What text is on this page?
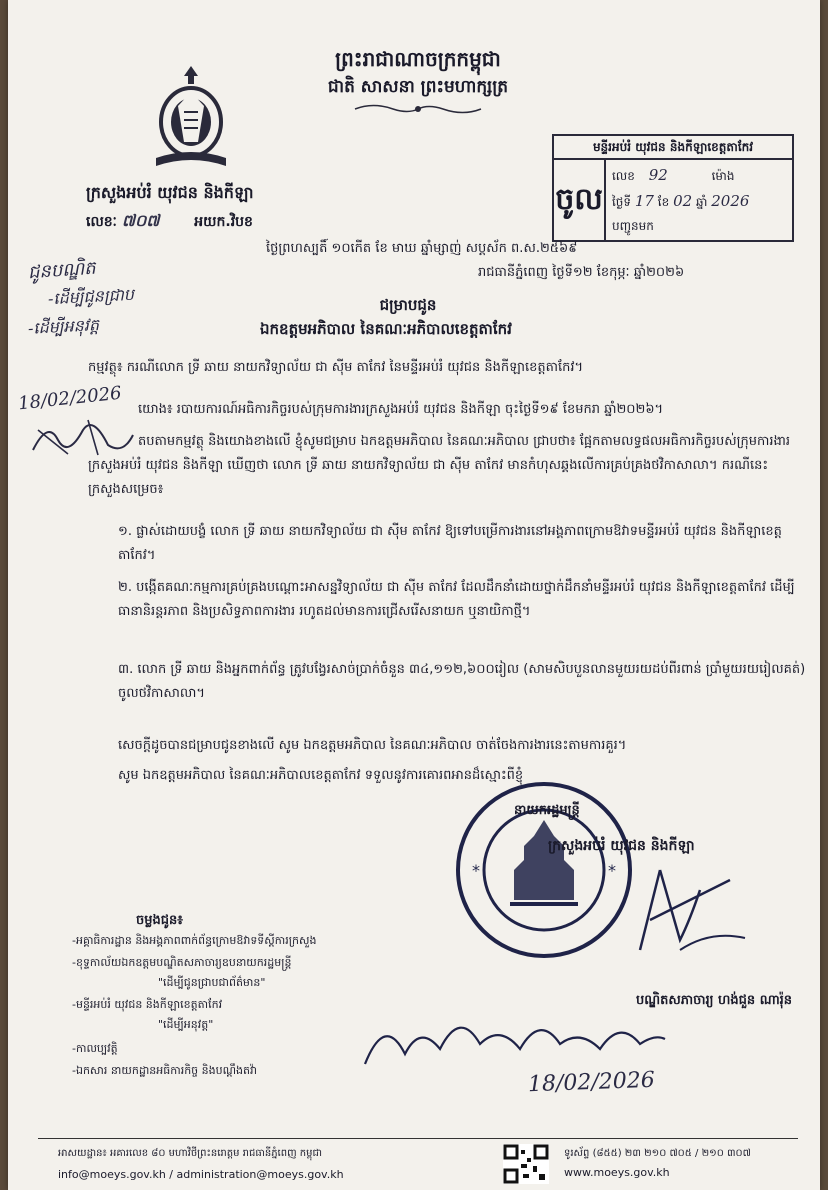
ព្រះរាជាណាចក្រកម្ពុជា
ជាតិ សាសនា ព្រះមហាក្សត្រ
ក្រសួងអប់រំ យុវជន និងកីឡា
លេខៈ ៧០៧ អយក.វិបខ
មន្ទីរអប់រំ យុវជន និងកីឡាខេត្តតាកែវ
ចូល
លេខ 92	ម៉ោង
ថ្ងៃទី 17 ខែ 02 ឆ្នាំ 2026
បញ្ជូនមក
ថ្ងៃព្រហស្បតិ៍ ១០កើត ខែ មាឃ ឆ្នាំម្សាញ់ សប្តស័ក ព.ស.២៥៦៩
រាជធានីភ្នំពេញ ថ្ងៃទី១២ ខែកុម្ភៈ ឆ្នាំ២០២៦
ជូនបណ្ឌិត
-ដើម្បីជូនជ្រាប
-ដើម្បីអនុវត្ត
18/02/2026
ជម្រាបជូន
ឯកឧត្តមអភិបាល នៃគណៈអភិបាលខេត្តតាកែវ
កម្មវត្ថុ៖ ករណីលោក ទ្រី ឆាយ នាយកវិទ្យាល័យ ជា ស៊ីម តាកែវ នៃមន្ទីរអប់រំ យុវជន និងកីឡាខេត្តតាកែវ។
យោង៖ របាយការណ៍អធិការកិច្ចរបស់ក្រុមការងារក្រសួងអប់រំ យុវជន និងកីឡា ចុះថ្ងៃទី១៩ ខែមករា ឆ្នាំ២០២៦។
តបតាមកម្មវត្ថុ និងយោងខាងលើ ខ្ញុំសូមជម្រាប ឯកឧត្តមអភិបាល នៃគណៈអភិបាល ជ្រាបថា៖ ផ្អែកតាមលទ្ធផលអធិការកិច្ចរបស់ក្រុមការងារក្រសួងអប់រំ យុវជន និងកីឡា ឃើញថា លោក ទ្រី ឆាយ នាយកវិទ្យាល័យ ជា ស៊ីម តាកែវ មានកំហុសឆ្គងលើការគ្រប់គ្រងថវិកាសាលា។ ករណីនេះ ក្រសួងសម្រេច៖
១. ផ្លាស់ដោយបង្ខំ លោក ទ្រី ឆាយ នាយកវិទ្យាល័យ ជា ស៊ីម តាកែវ ឱ្យទៅបម្រើការងារនៅអង្គភាពក្រោមឱវាទមន្ទីរអប់រំ យុវជន និងកីឡាខេត្តតាកែវ។
២. បង្កើតគណៈកម្មការគ្រប់គ្រងបណ្ដោះអាសន្នវិទ្យាល័យ ជា ស៊ីម តាកែវ ដែលដឹកនាំដោយថ្នាក់ដឹកនាំមន្ទីរអប់រំ យុវជន និងកីឡាខេត្តតាកែវ ដើម្បីធានានិរន្តរភាព និងប្រសិទ្ធភាពការងារ រហូតដល់មានការជ្រើសរើសនាយក ឬនាយិកាថ្មី។
៣. លោក ទ្រី ឆាយ និងអ្នកពាក់ព័ន្ធ ត្រូវបង្វែរសាច់ប្រាក់ចំនួន ៣៤,១១២,៦០០រៀល (សាមសិបបួនលានមួយរយដប់ពីរពាន់ ប្រាំមួយរយរៀលគត់) ចូលថវិកាសាលា។
សេចក្តីដូចបានជម្រាបជូនខាងលើ សូម ឯកឧត្តមអភិបាល នៃគណៈអភិបាល ចាត់ចែងការងារនេះតាមការគួរ។
សូម ឯកឧត្តមអភិបាល នៃគណៈអភិបាលខេត្តតាកែវ ទទួលនូវការគោរពអានដ៏ស្មោះពីខ្ញុំ
*	*
នាយករដ្ឋមន្ត្រី
ក្រសួងអប់រំ យុវជន និងកីឡា
បណ្ឌិតសភាចារ្យ ហង់ជួន ណារ៉ុន
ចម្លងជូន៖
-អគ្គាធិការដ្ឋាន និងអង្គភាពពាក់ព័ន្ធក្រោមឱវាទទីស្តីការក្រសួង
-ខុទ្ទកាល័យឯកឧត្តមបណ្ឌិតសភាចារ្យឧបនាយករដ្ឋមន្ត្រី
"ដើម្បីជូនជ្រាបជាព័ត៌មាន"
-មន្ទីរអប់រំ យុវជន និងកីឡាខេត្តតាកែវ
"ដើម្បីអនុវត្ត"
-កាលប្បវត្តិ
-ឯកសារ នាយកដ្ឋានអធិការកិច្ច និងបណ្ដឹងតវ៉ា	18/02/2026
អាសយដ្ឋាន៖ អគារលេខ ៨០ មហាវិថីព្រះនរោត្តម រាជធានីភ្នំពេញ កម្ពុជា
info@moeys.gov.kh / administration@moeys.gov.kh
ទូរស័ព្ទ (៨៥៥) ២៣ ២១០ ៧០៥ / ២១០ ៣០៧
www.moeys.gov.kh
